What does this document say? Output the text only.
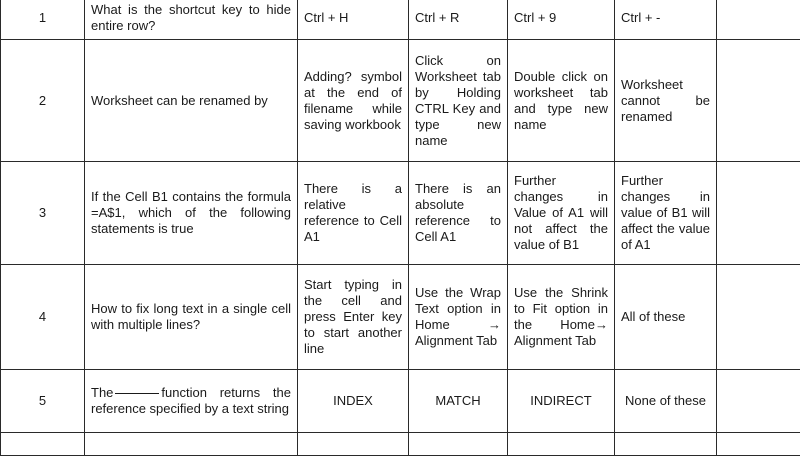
1	What is the shortcut key to hide entire row?	Ctrl + H	Ctrl + R	Ctrl + 9	Ctrl + -	
2	Worksheet can be renamed by	Adding? symbol at the end of filename while saving workbook	Click on Worksheet tab by Holding CTRL Key and type new name	Double click on worksheet tab and type new name	Worksheet cannot be renamed	
3	If the Cell B1 contains the formula =A$1, which of the following statements is true	There is a relative reference to Cell A1	There is an absolute reference to Cell A1	Further changes in Value of A1 will not affect the value of B1	Further changes in value of B1 will affect the value of A1	
4	How to fix long text in a single cell with multiple lines?	Start typing in the cell and press Enter key to start another line	Use the Wrap Text option in Home → Alignment Tab	Use the Shrink to Fit option in the Home→ Alignment Tab	All of these	
5	The function returns the reference specified by a text string	INDEX	MATCH	INDIRECT	None of these	
